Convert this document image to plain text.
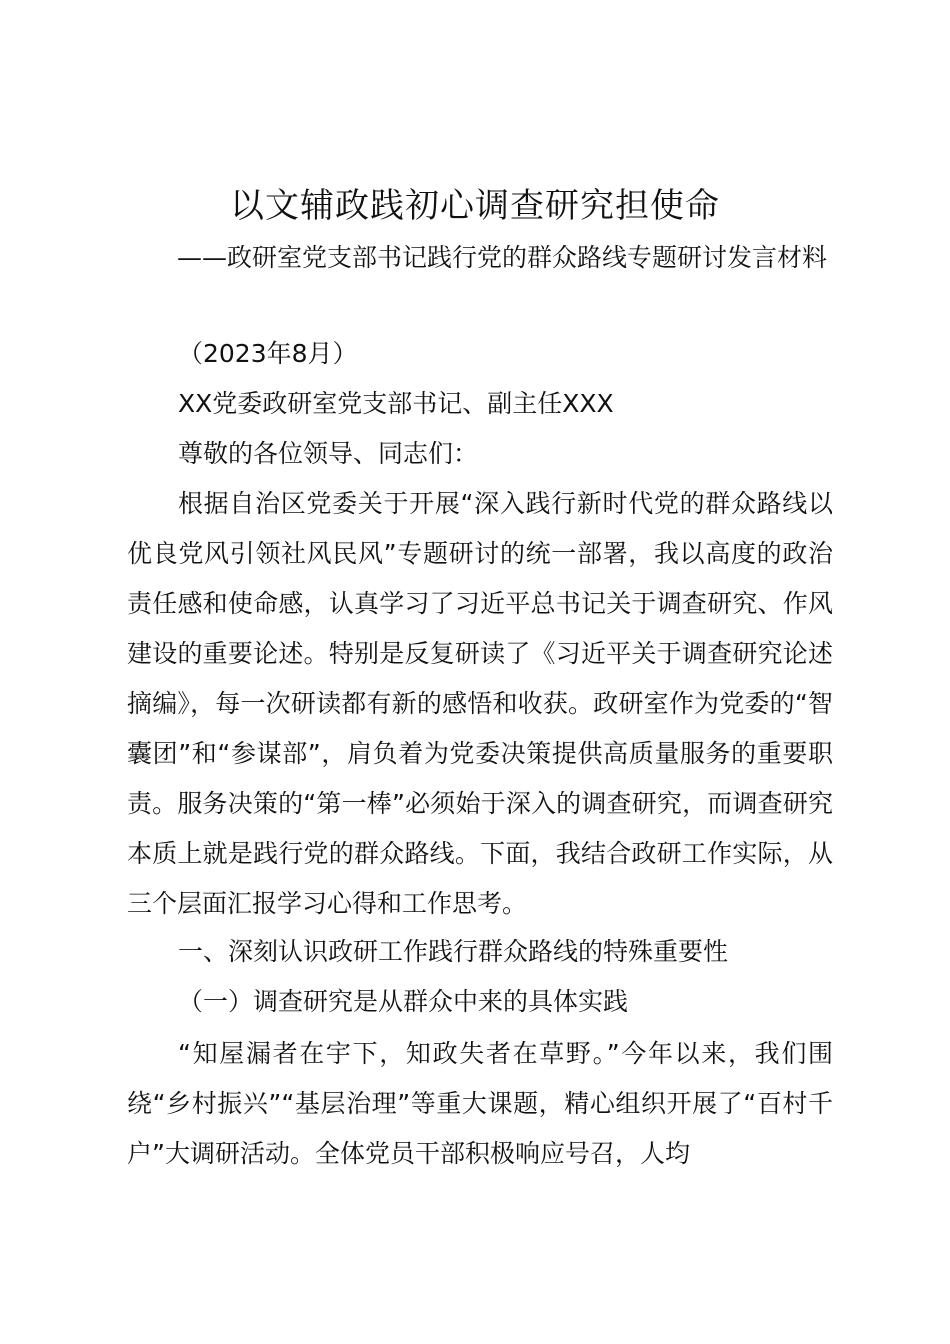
以文辅政践初心调查研究担使命
——政研室党支部书记践行党的群众路线专题研讨发言材料
（2023年8月）
XX党委政研室党支部书记、副主任XXX
尊敬的各位领导、同志们：
根据自治区党委关于开展“深入践行新时代党的群众路线以优良党风引领社风民风”专题研讨的统一部署，我以高度的政治责任感和使命感，认真学习了习近平总书记关于调查研究、作风建设的重要论述。特别是反复研读了《习近平关于调查研究论述摘编》，每一次研读都有新的感悟和收获。政研室作为党委的“智囊团”和“参谋部”，肩负着为党委决策提供高质量服务的重要职责。服务决策的“第一棒”必须始于深入的调查研究，而调查研究本质上就是践行党的群众路线。下面，我结合政研工作实际，从三个层面汇报学习心得和工作思考。
一、深刻认识政研工作践行群众路线的特殊重要性
（一）调查研究是从群众中来的具体实践
“知屋漏者在宇下，知政失者在草野。”今年以来，我们围绕“乡村振兴”“基层治理”等重大课题，精心组织开展了“百村千户”大调研活动。全体党员干部积极响应号召，人均
